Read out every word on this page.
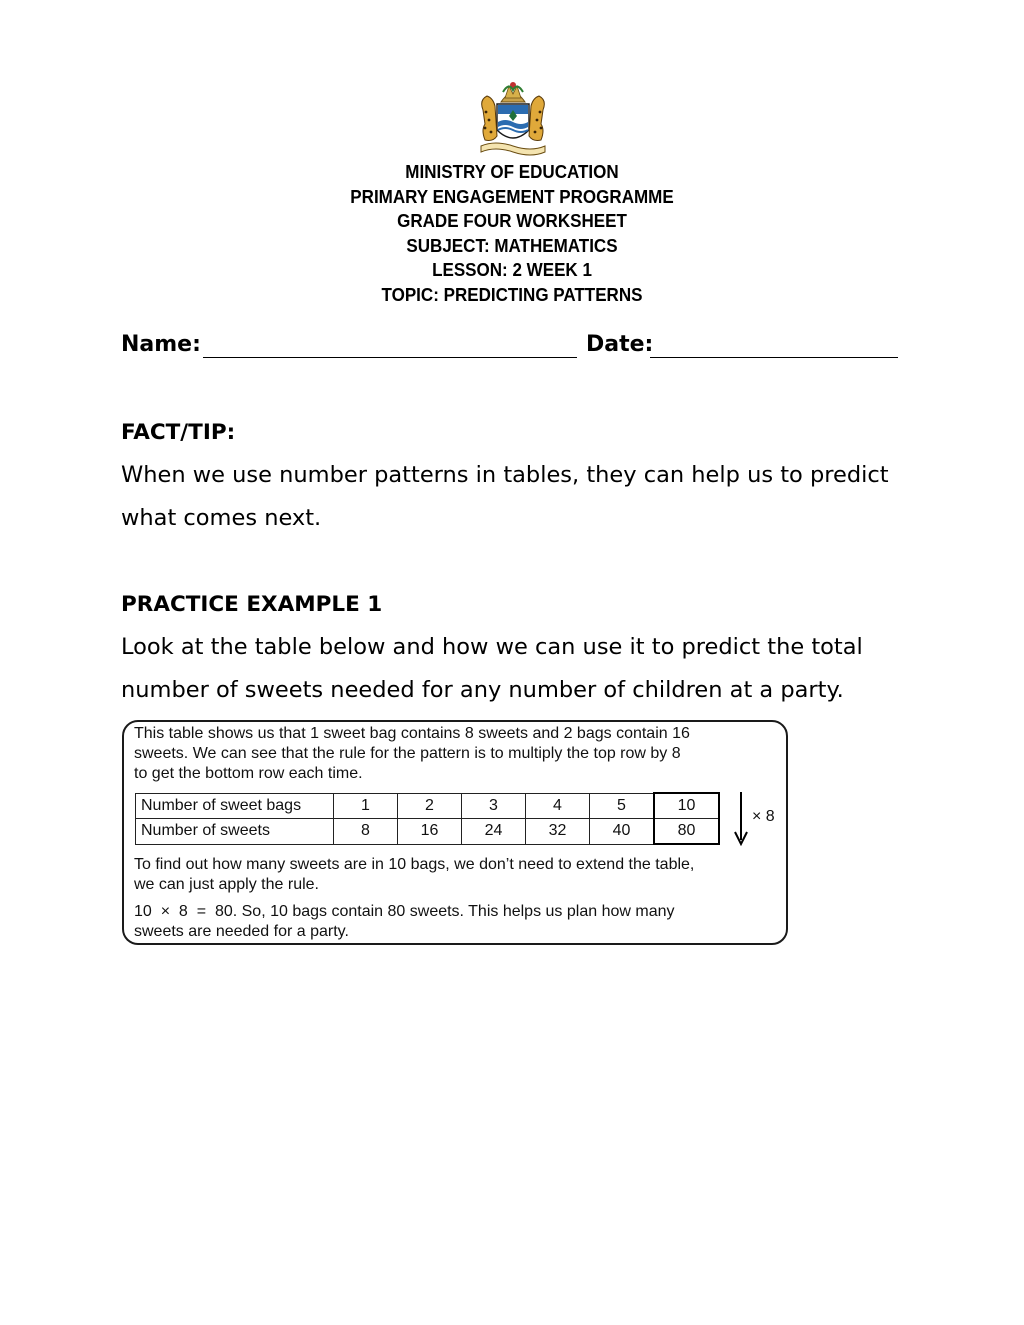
MINISTRY OF EDUCATION
PRIMARY ENGAGEMENT PROGRAMME
GRADE FOUR WORKSHEET
SUBJECT: MATHEMATICS
LESSON: 2 WEEK 1
TOPIC: PREDICTING PATTERNS
Name:	Date:
FACT/TIP:
When we use number patterns in tables, they can help us to predict
what comes next.
PRACTICE EXAMPLE 1
Look at the table below and how we can use it to predict the total
number of sweets needed for any number of children at a party.
This table shows us that 1 sweet bag contains 8 sweets and 2 bags contain 16
sweets. We can see that the rule for the pattern is to multiply the top row by 8
to get the bottom row each time.
Number of sweet bags	1	2	3	4	5	10
Number of sweets	8	16	24	32	40	80
× 8
To find out how many sweets are in 10 bags, we don’t need to extend the table,
we can just apply the rule.
10  ×  8  =  80. So, 10 bags contain 80 sweets. This helps us plan how many
sweets are needed for a party.
